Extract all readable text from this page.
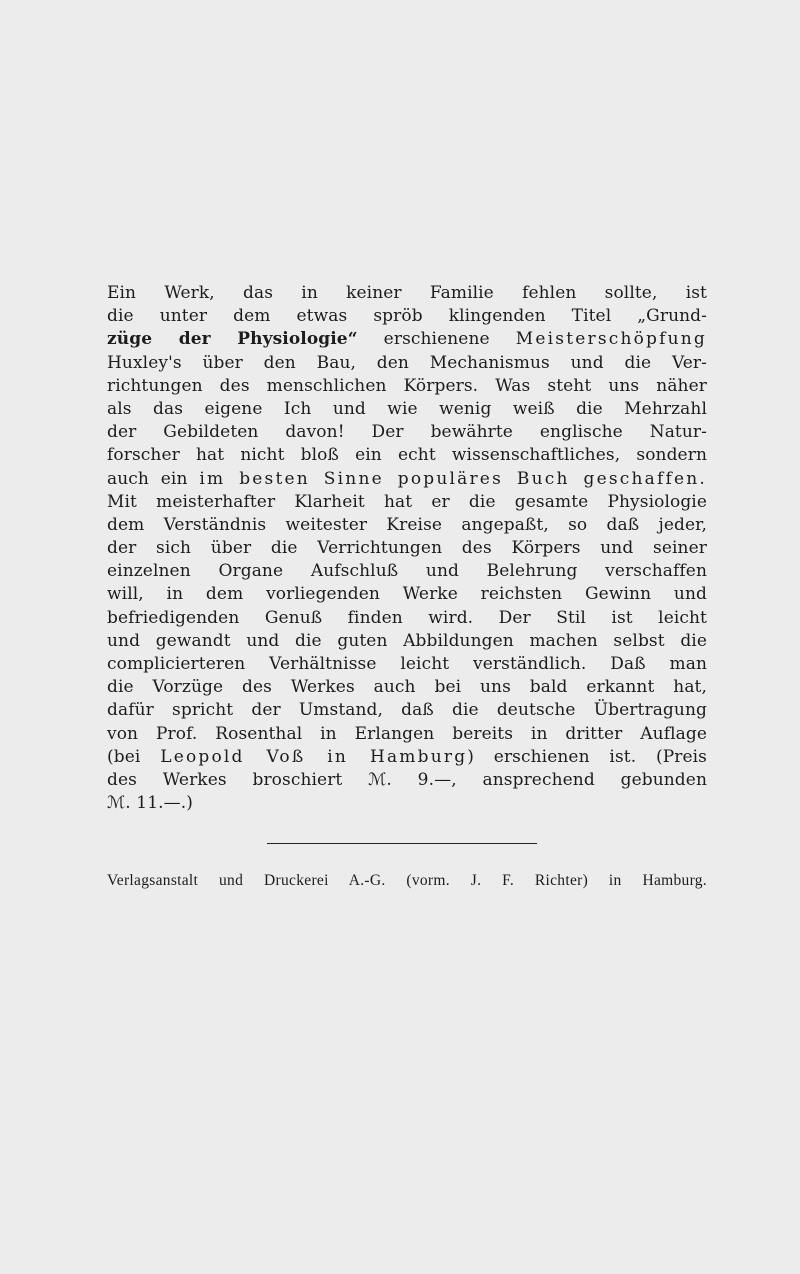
Ein Werk, das in keiner Familie fehlen sollte, ist
die unter dem etwas spröb klingenden Titel „Grund-
züge der Physiologie“ erschienene Meisterschöpfung
Huxley's über den Bau, den Mechanismus und die Ver-
richtungen des menschlichen Körpers. Was steht uns näher
als das eigene Ich und wie wenig weiß die Mehrzahl
der Gebildeten davon! Der bewährte englische Natur-
forscher hat nicht bloß ein echt wissenschaftliches, sondern
auch ein im besten Sinne populäres Buch geschaffen.
Mit meisterhafter Klarheit hat er die gesamte Physiologie
dem Verständnis weitester Kreise angepaßt, so daß jeder,
der sich über die Verrichtungen des Körpers und seiner
einzelnen Organe Aufschluß und Belehrung verschaffen
will, in dem vorliegenden Werke reichsten Gewinn und
befriedigenden Genuß finden wird. Der Stil ist leicht
und gewandt und die guten Abbildungen machen selbst die
complicierteren Verhältnisse leicht verständlich. Daß man
die Vorzüge des Werkes auch bei uns bald erkannt hat,
dafür spricht der Umstand, daß die deutsche Übertragung
von Prof. Rosenthal in Erlangen bereits in dritter Auflage
(bei Leopold Voß in Hamburg) erschienen ist. (Preis
des Werkes broschiert ℳ. 9.—, ansprechend gebunden
ℳ. 11.—.)
Verlagsanstalt und Druckerei A.-G. (vorm. J. F. Richter) in Hamburg.
